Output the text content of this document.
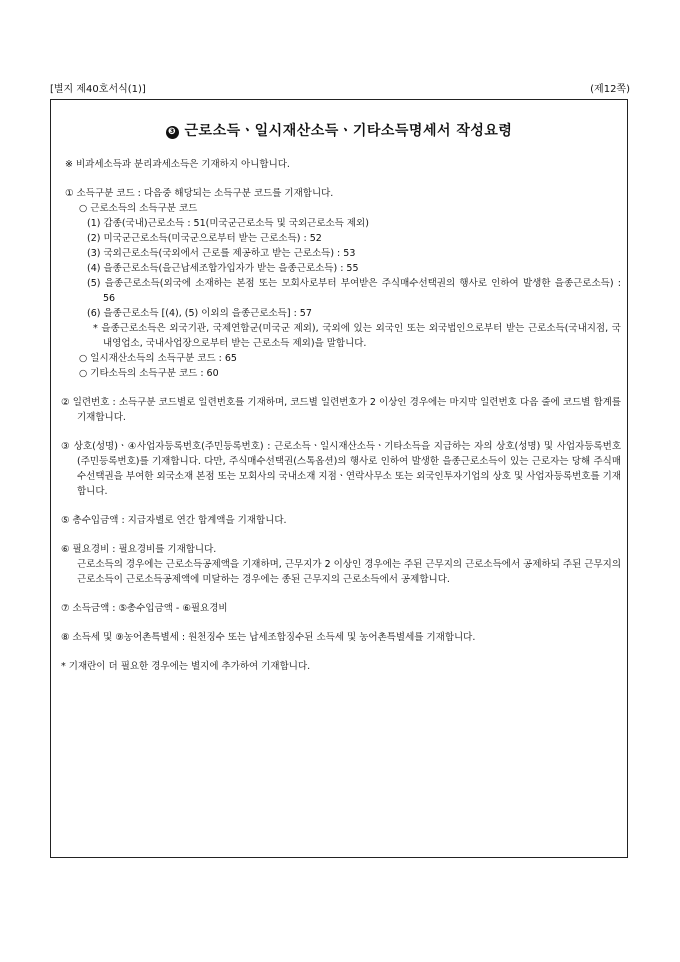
[별지 제40호서식(1)]	(제12쪽)
❸ 근로소득ㆍ일시재산소득ㆍ기타소득명세서 작성요령
※ 비과세소득과 분리과세소득은 기재하지 아니합니다.
① 소득구분 코드 : 다음중 해당되는 소득구분 코드를 기재합니다.
○ 근로소득의 소득구분 코드
(1) 갑종(국내)근로소득 : 51(미국군근로소득 및 국외근로소득 제외)
(2) 미국군근로소득(미국군으로부터 받는 근로소득) : 52
(3) 국외근로소득(국외에서 근로를 제공하고 받는 근로소득) : 53
(4) 을종근로소득(을근납세조합가입자가 받는 을종근로소득) : 55
(5) 을종근로소득(외국에 소재하는 본점 또는 모회사로부터 부여받은 주식매수선택권의 행사로 인하여 발생한 을종근로소득) : 56
(6) 을종근로소득 [(4), (5) 이외의 을종근로소득] : 57
* 을종근로소득은 외국기관, 국제연합군(미국군 제외), 국외에 있는 외국인 또는 외국법인으로부터 받는 근로소득(국내지점, 국내영업소, 국내사업장으로부터 받는 근로소득 제외)을 말합니다.
○ 일시재산소득의 소득구분 코드 : 65
○ 기타소득의 소득구분 코드 : 60
② 일련번호 : 소득구분 코드별로 일련번호를 기재하며, 코드별 일련번호가 2 이상인 경우에는 마지막 일련번호 다음 줄에 코드별 합계를 기재합니다.
③ 상호(성명)ㆍ④사업자등록번호(주민등록번호) : 근로소득ㆍ일시재산소득ㆍ기타소득을 지급하는 자의 상호(성명) 및 사업자등록번호(주민등록번호)를 기재합니다. 다만, 주식매수선택권(스톡옵션)의 행사로 인하여 발생한 을종근로소득이 있는 근로자는 당해 주식매수선택권을 부여한 외국소재 본점 또는 모회사의 국내소재 지점ㆍ연락사무소 또는 외국인투자기업의 상호 및 사업자등록번호를 기재합니다.
⑤ 총수입금액 : 지급자별로 연간 합계액을 기재합니다.
⑥ 필요경비 : 필요경비를 기재합니다.
근로소득의 경우에는 근로소득공제액을 기재하며, 근무지가 2 이상인 경우에는 주된 근무지의 근로소득에서 공제하되 주된 근무지의 근로소득이 근로소득공제액에 미달하는 경우에는 종된 근무지의 근로소득에서 공제합니다.
⑦ 소득금액 : ⑤총수입금액 - ⑥필요경비
⑧ 소득세 및 ⑨농어촌특별세 : 원천징수 또는 납세조합징수된 소득세 및 농어촌특별세를 기재합니다.
* 기재란이 더 필요한 경우에는 별지에 추가하여 기재합니다.
